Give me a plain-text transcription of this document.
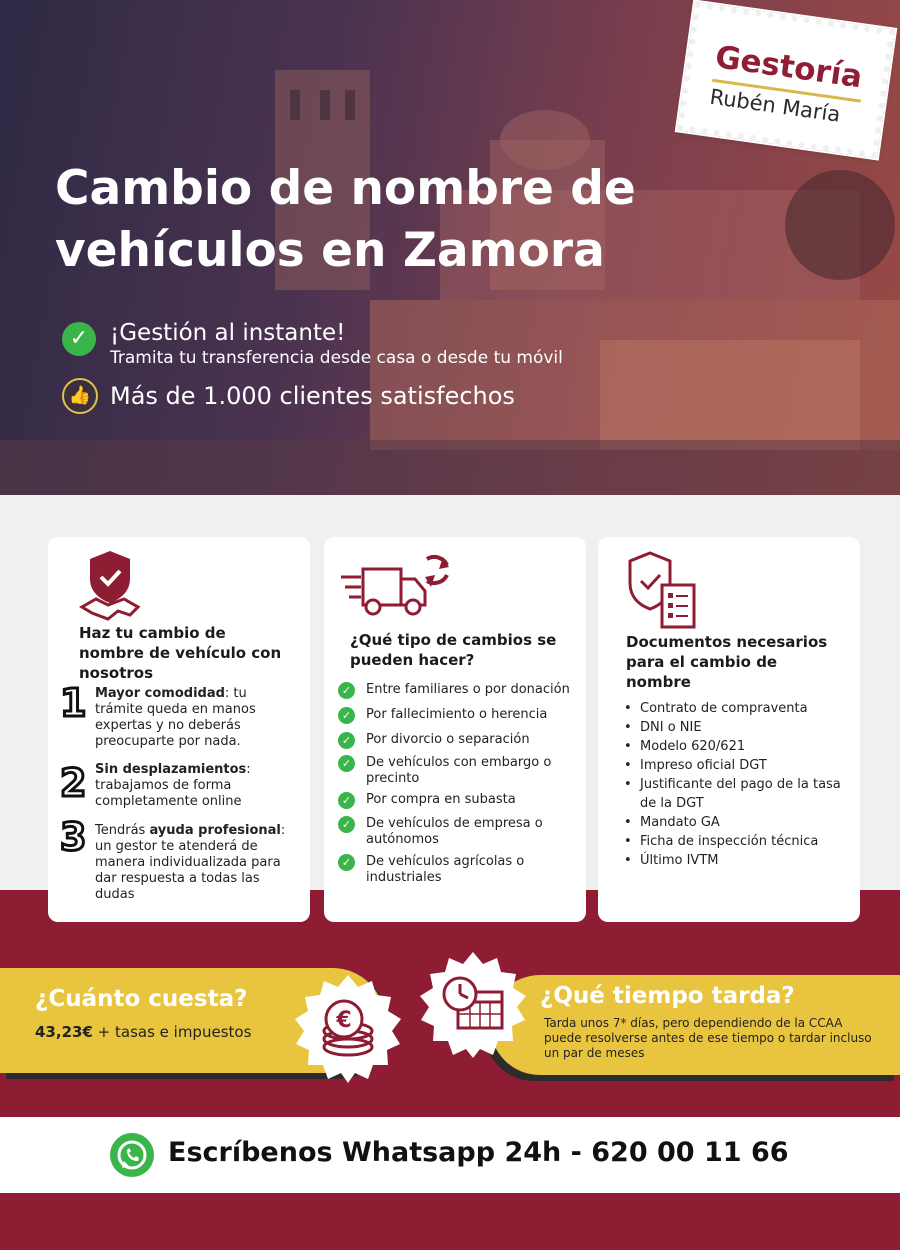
Cambio de nombre de vehículos en Zamora
✓ ¡Gestión al instante!
Tramita tu transferencia desde casa o desde tu móvil
👍 Más de 1.000 clientes satisfechos
Gestoría
Rubén María
Haz tu cambio de nombre de vehículo con nosotros
1 Mayor comodidad: tu trámite queda en manos expertas y no deberás preocuparte por nada.
2 Sin desplazamientos: trabajamos de forma completamente online
3 Tendrás ayuda profesional: un gestor te atenderá de manera individualizada para dar respuesta a todas las dudas
¿Qué tipo de cambios se pueden hacer?
✓ Entre familiares o por donación
✓ Por fallecimiento o herencia
✓ Por divorcio o separación
✓ De vehículos con embargo o precinto
✓ Por compra en subasta
✓ De vehículos de empresa o autónomos
✓ De vehículos agrícolas o industriales
Documentos necesarios para el cambio de nombre
• Contrato de compraventa
• DNI o NIE
• Modelo 620/621
• Impreso oficial DGT
• Justificante del pago de la tasa de la DGT
• Mandato GA
• Ficha de inspección técnica
• Último IVTM
¿Cuánto cuesta?
43,23€ + tasas e impuestos
¿Qué tiempo tarda?
Tarda unos 7* días, pero dependiendo de la CCAA puede resolverse antes de ese tiempo o tardar incluso un par de meses
€
Escríbenos Whatsapp 24h - 620 00 11 66
